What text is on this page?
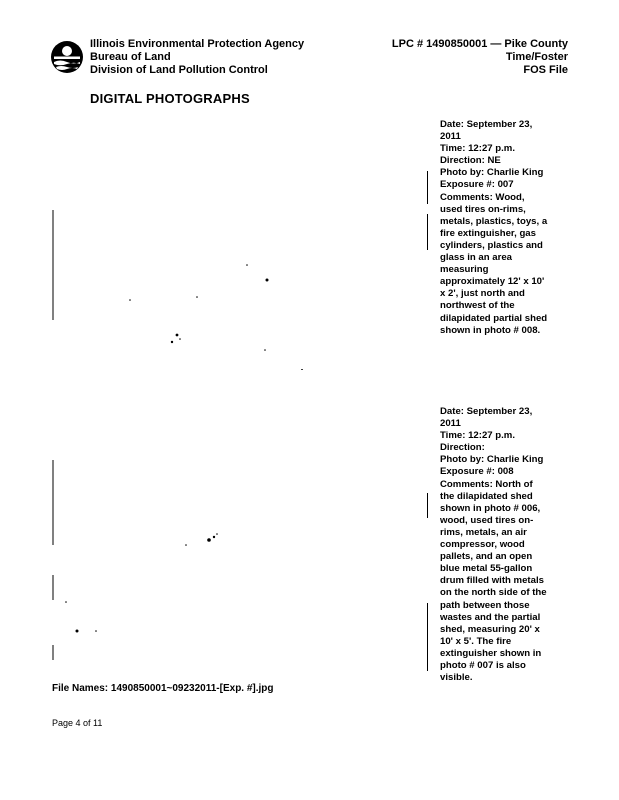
Illinois Environmental Protection Agency
Bureau of Land
Division of Land Pollution Control
LPC # 1490850001 — Pike County
Time/Foster
FOS File
DIGITAL PHOTOGRAPHS
Date: September 23,
2011
Time: 12:27 p.m.
Direction: NE
Photo by: Charlie King
Exposure #: 007
Comments: Wood,
used tires on-rims,
metals, plastics, toys, a
fire extinguisher, gas
cylinders, plastics and
glass in an area
measuring
approximately 12' x 10'
x 2', just north and
northwest of the
dilapidated partial shed
shown in photo # 008.
Date: September 23,
2011
Time: 12:27 p.m.
Direction:
Photo by: Charlie King
Exposure #: 008
Comments: North of
the dilapidated shed
shown in photo # 006,
wood, used tires on-
rims, metals, an air
compressor, wood
pallets, and an open
blue metal 55-gallon
drum filled with metals
on the north side of the
path between those
wastes and the partial
shed, measuring 20' x
10' x 5'. The fire
extinguisher shown in
photo # 007 is also
visible.
File Names: 1490850001~09232011-[Exp. #].jpg
Page 4 of 11
